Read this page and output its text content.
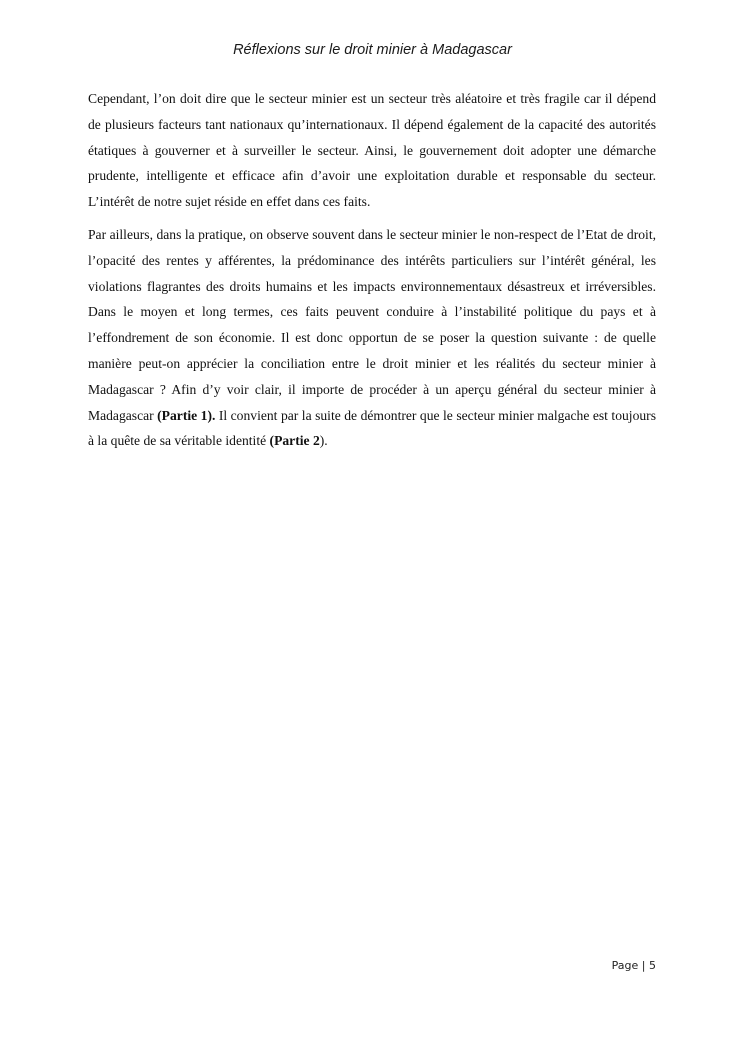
Réflexions sur le droit minier à Madagascar

Cependant, l’on doit dire que le secteur minier est un secteur très aléatoire et très fragile car il dépend de plusieurs facteurs tant nationaux qu’internationaux. Il dépend également de la capacité des autorités étatiques à gouverner et à surveiller le secteur. Ainsi, le gouvernement doit adopter une démarche prudente, intelligente et efficace afin d’avoir une exploitation durable et responsable du secteur. L’intérêt de notre sujet réside en effet dans ces faits.

Par ailleurs, dans la pratique, on observe souvent dans le secteur minier le non-respect de l’Etat de droit, l’opacité des rentes y afférentes, la prédominance des intérêts particuliers sur l’intérêt général, les violations flagrantes des droits humains et les impacts environnementaux désastreux et irréversibles. Dans le moyen et long termes, ces faits peuvent conduire à l’instabilité politique du pays et à l’effondrement de son économie. Il est donc opportun de se poser la question suivante : de quelle manière peut-on apprécier la conciliation entre le droit minier et les réalités du secteur minier à Madagascar ? Afin d’y voir clair, il importe de procéder à un aperçu général du secteur minier à Madagascar (Partie 1). Il convient par la suite de démontrer que le secteur minier malgache est toujours à la quête de sa véritable identité (Partie 2).

Page | 5
